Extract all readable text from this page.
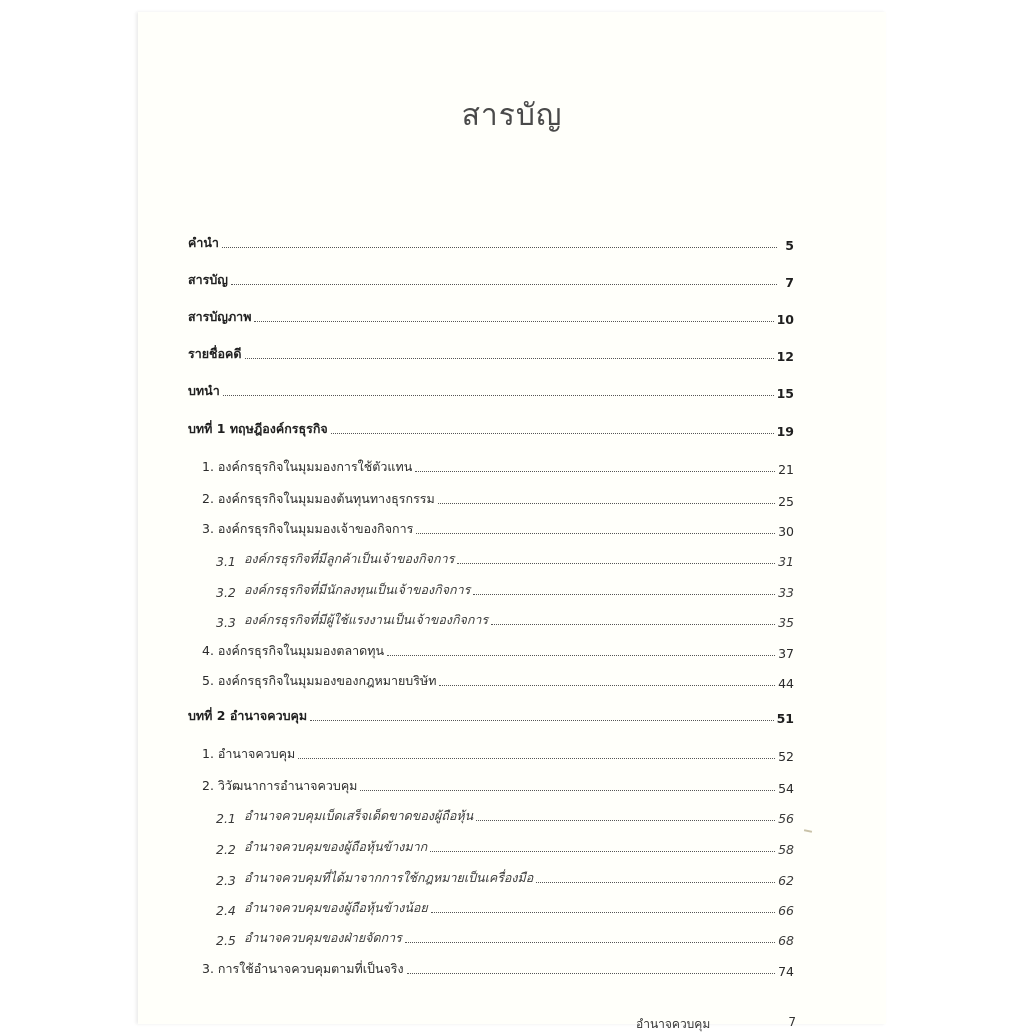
สารบัญ
คำนำ	5
สารบัญ	7
สารบัญภาพ	10
รายชื่อคดี	12
บทนำ	15
บทที่ 1 ทฤษฎีองค์กรธุรกิจ	19
1. องค์กรธุรกิจในมุมมองการใช้ตัวแทน	21
2. องค์กรธุรกิจในมุมมองต้นทุนทางธุรกรรม	25
3. องค์กรธุรกิจในมุมมองเจ้าของกิจการ	30
3.1 องค์กรธุรกิจที่มีลูกค้าเป็นเจ้าของกิจการ	31
3.2 องค์กรธุรกิจที่มีนักลงทุนเป็นเจ้าของกิจการ	33
3.3 องค์กรธุรกิจที่มีผู้ใช้แรงงานเป็นเจ้าของกิจการ	35
4. องค์กรธุรกิจในมุมมองตลาดทุน	37
5. องค์กรธุรกิจในมุมมองของกฎหมายบริษัท	44
บทที่ 2 อำนาจควบคุม	51
1. อำนาจควบคุม	52
2. วิวัฒนาการอำนาจควบคุม	54
2.1 อำนาจควบคุมเบ็ดเสร็จเด็ดขาดของผู้ถือหุ้น	56
2.2 อำนาจควบคุมของผู้ถือหุ้นข้างมาก	58
2.3 อำนาจควบคุมที่ได้มาจากการใช้กฎหมายเป็นเครื่องมือ	62
2.4 อำนาจควบคุมของผู้ถือหุ้นข้างน้อย	66
2.5 อำนาจควบคุมของฝ่ายจัดการ	68
3. การใช้อำนาจควบคุมตามที่เป็นจริง	74
อำนาจควบคุม	7
